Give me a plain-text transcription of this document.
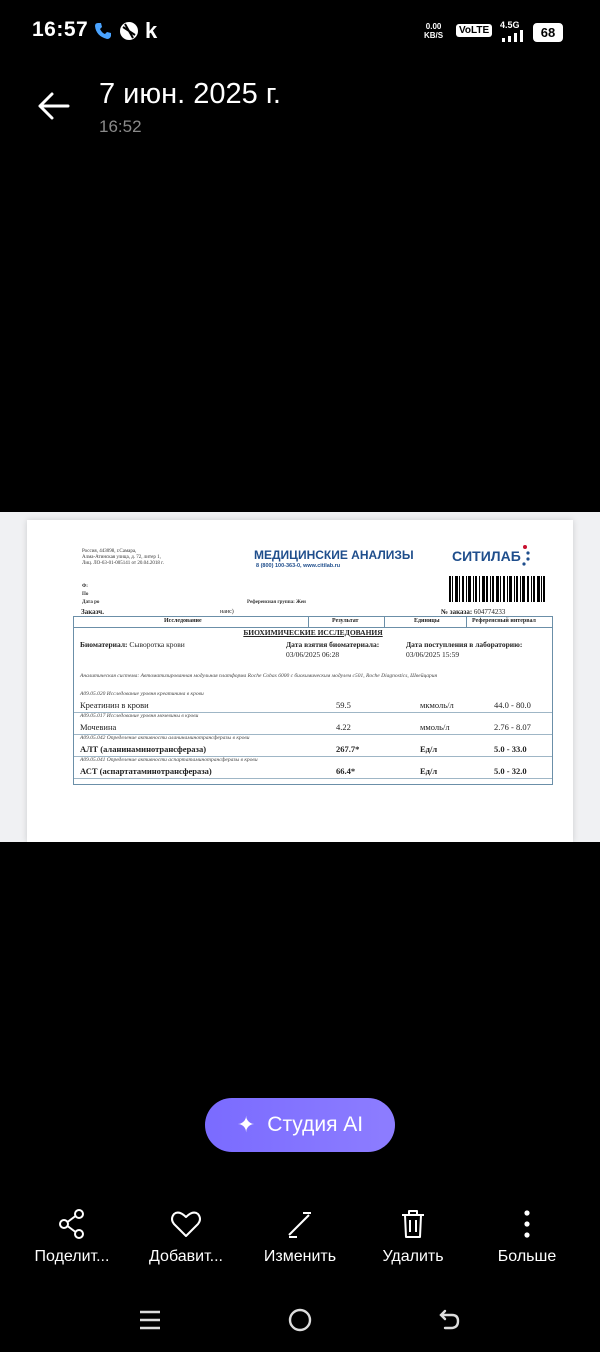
16:57	k	0.00
KB/S	VoLTE	4.5G	68
7 июн. 2025 г.
16:52
Россия, 443098, г.Самара,
Алма-Атинская улица, д. 72, литер 1,
Лиц. ЛО-63-01-005141 от 20.04.2018 г.
МЕДИЦИНСКИЕ АНАЛИЗЫ
8 (800) 100-363-0, www.citilab.ru
СИТИЛАБ
Ф:
По
Дата ро	Референсная группа: Жен
Заказч.	нанс)	№ заказа: 604774233
Исследование	Результат	Единицы	Референсный интервал
БИОХИМИЧЕСКИЕ ИССЛЕДОВАНИЯ
Биоматериал: Сыворотка крови	Дата взятия биоматериала:
03/06/2025 06:28
Дата поступления в лабораторию:
03/06/2025 15:59
Аналитическая система: Автоматизированная модульная платформа Roche Cobas 6000 с биохимическим модулем c501, Roche Diagnostics, Швейцария
A09.05.020 Исследование уровня креатинина в крови
Креатинин в крови	59.5	мкмоль/л	44.0 - 80.0
A09.05.017 Исследование уровня мочевины в крови
Мочевина	4.22	ммоль/л	2.76 - 8.07
A09.05.042 Определение активности аланинаминотрансферазы в крови
АЛТ (аланинаминотрансфераза)	267.7*	Ед/л	5.0 - 33.0
A09.05.041 Определение активности аспартатаминотрансферазы в крови
АСТ (аспартатаминотрансфераза)	66.4*	Ед/л	5.0 - 32.0
✦ Студия AI
Поделит...	Добавит...	Изменить	Удалить	Больше
